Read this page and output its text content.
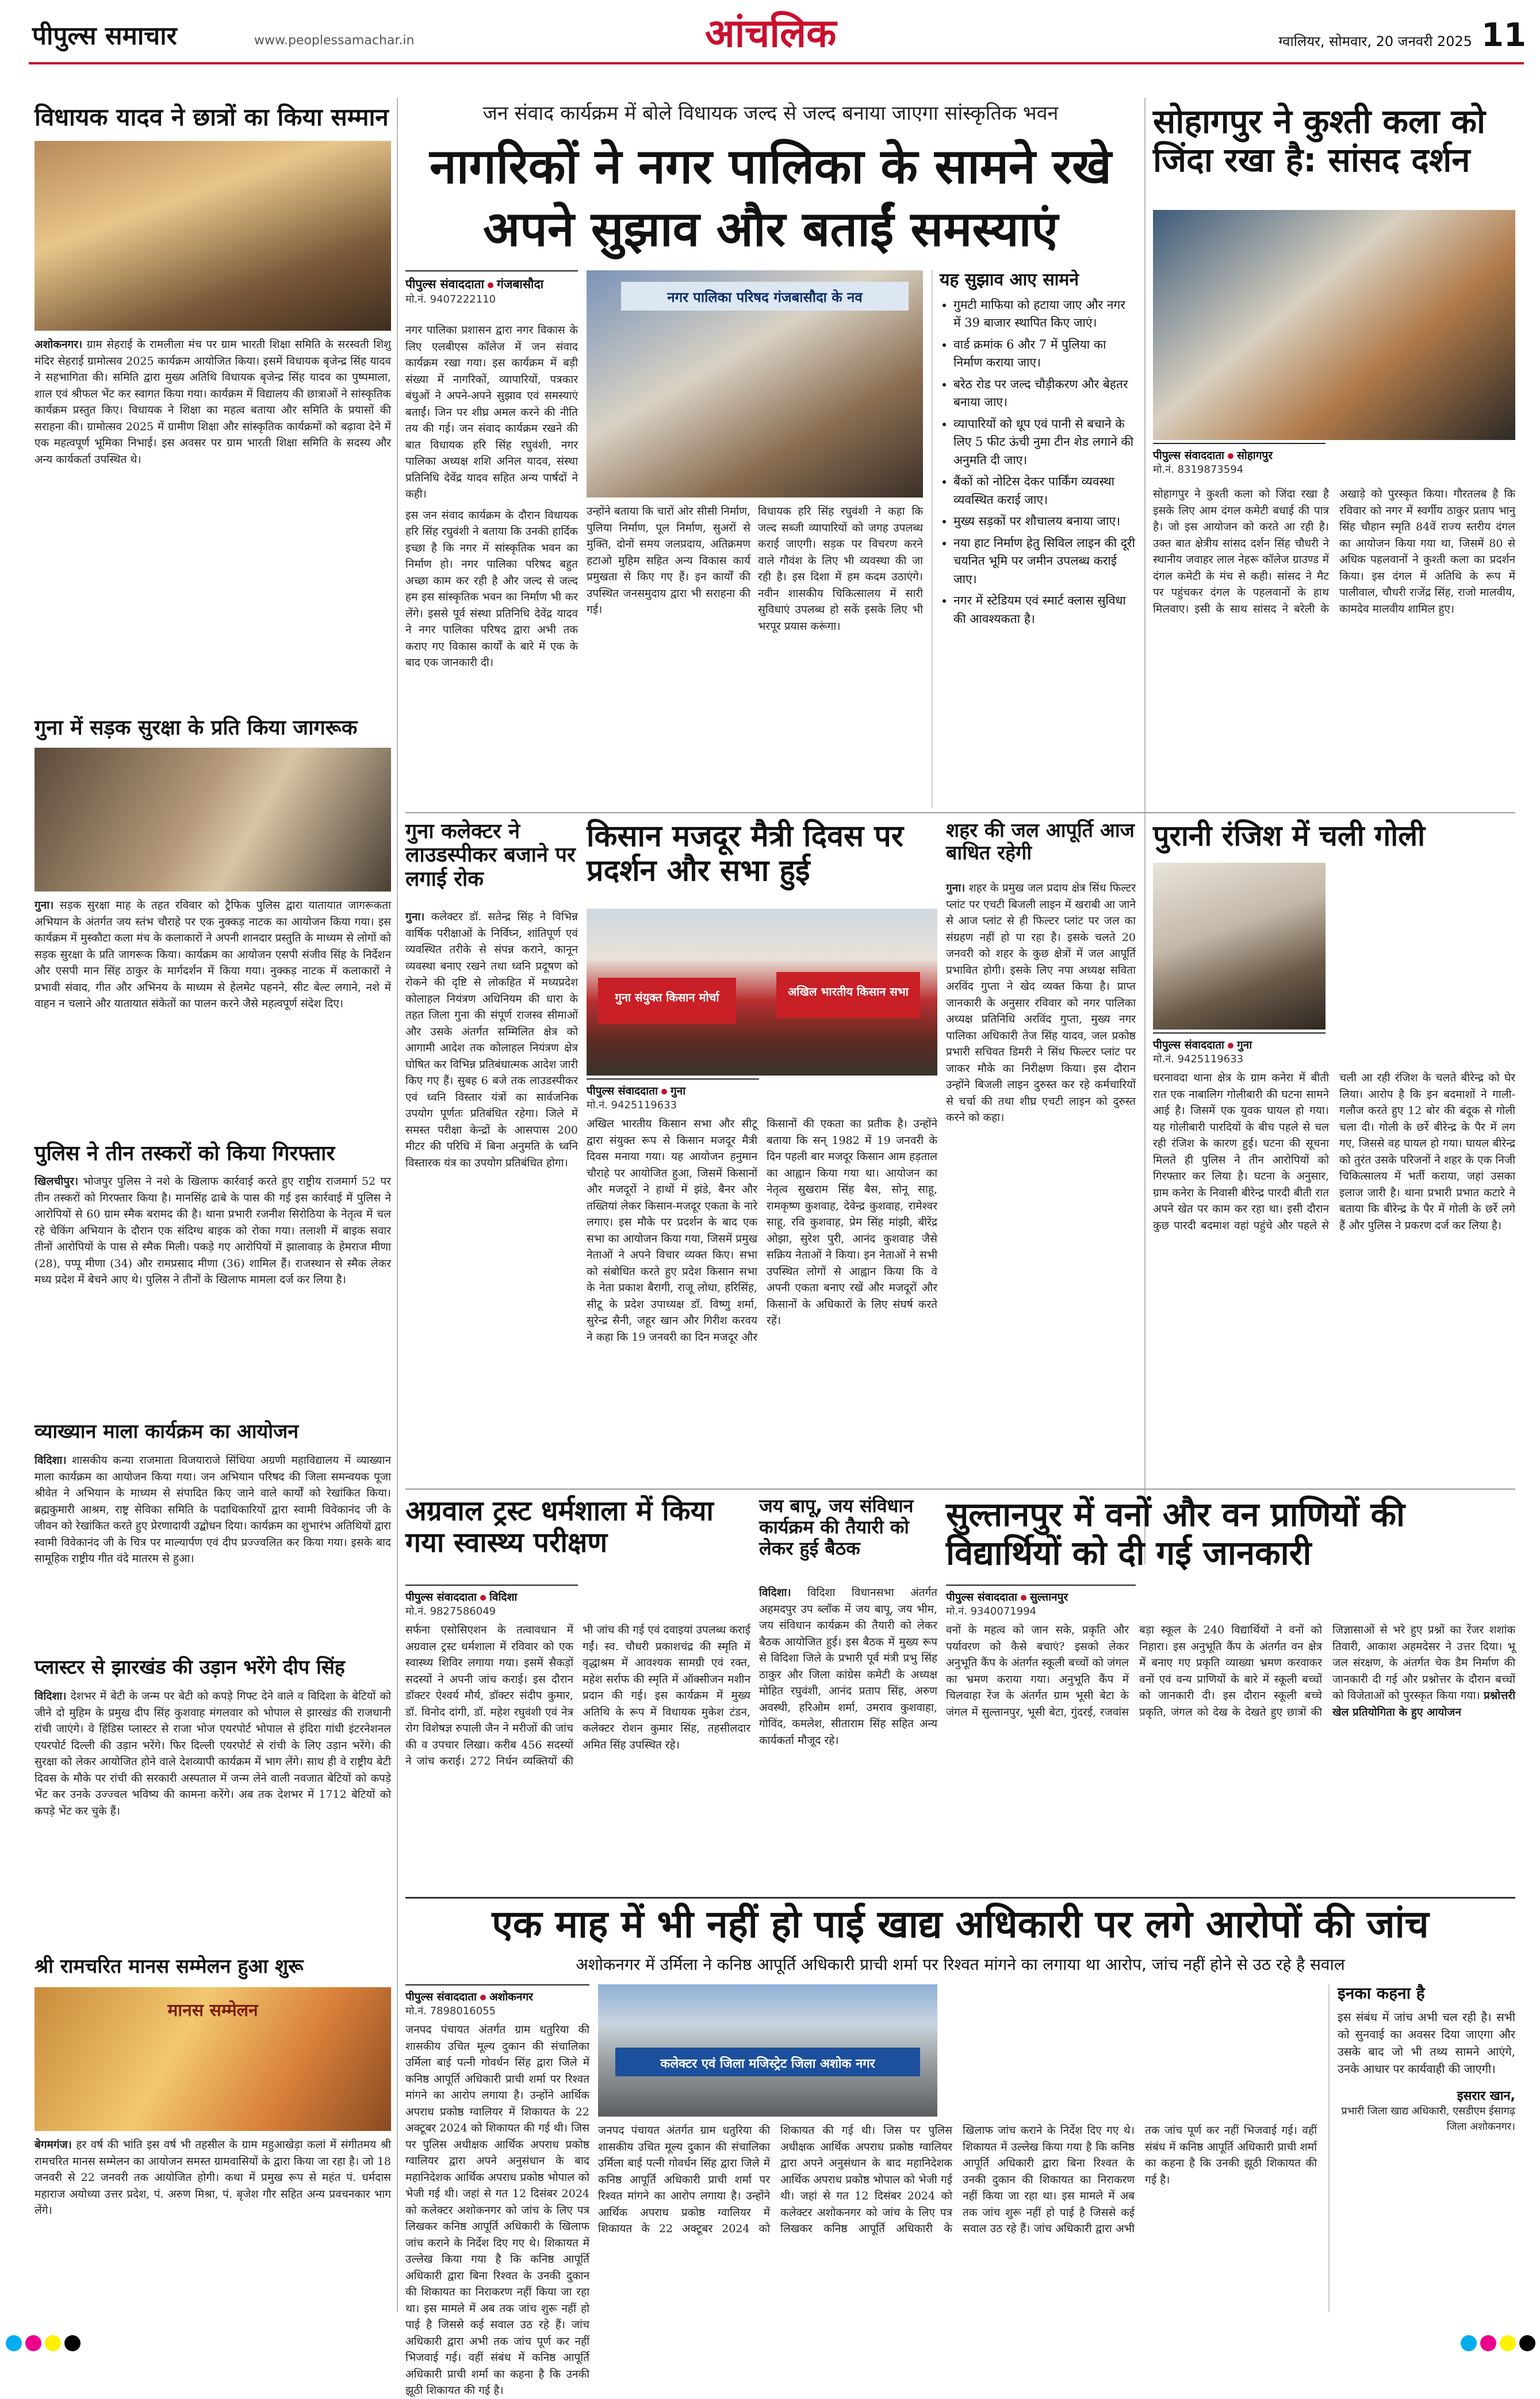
पीपुल्स समाचार	www.peoplessamachar.in	आंचलिक	ग्वालियर, सोमवार, 20 जनवरी 2025 11
विधायक यादव ने छात्रों का किया सम्मान
अशोकनगर। ग्राम सेहराई के रामलीला मंच पर ग्राम भारती शिक्षा समिति के सरस्वती शिशु मंदिर सेहराई ग्रामोत्सव 2025 कार्यक्रम आयोजित किया। इसमें विधायक बृजेन्द्र सिंह यादव ने सहभागिता की। समिति द्वारा मुख्य अतिथि विधायक बृजेन्द्र सिंह यादव का पुष्पमाला, शाल एवं श्रीफल भेंट कर स्वागत किया गया। कार्यक्रम में विद्यालय की छात्राओं ने सांस्कृतिक कार्यक्रम प्रस्तुत किए। विधायक ने शिक्षा का महत्व बताया और समिति के प्रयासों की सराहना की। ग्रामोत्सव 2025 में ग्रामीण शिक्षा और सांस्कृतिक कार्यक्रमों को बढ़ावा देने में एक महत्वपूर्ण भूमिका निभाई। इस अवसर पर ग्राम भारती शिक्षा समिति के सदस्य और अन्य कार्यकर्ता उपस्थित थे।
गुना में सड़क सुरक्षा के प्रति किया जागरूक
गुना। सड़क सुरक्षा माह के तहत रविवार को ट्रैफिक पुलिस द्वारा यातायात जागरूकता अभियान के अंतर्गत जय स्तंभ चौराहे पर एक नुक्कड़ नाटक का आयोजन किया गया। इस कार्यक्रम में मुस्कौटा कला मंच के कलाकारों ने अपनी शानदार प्रस्तुति के माध्यम से लोगों को सड़क सुरक्षा के प्रति जागरूक किया। कार्यक्रम का आयोजन एसपी संजीव सिंह के निर्देशन और एसपी मान सिंह ठाकुर के मार्गदर्शन में किया गया। नुक्कड़ नाटक में कलाकारों ने प्रभावी संवाद, गीत और अभिनय के माध्यम से हेलमेट पहनने, सीट बेल्ट लगाने, नशे में वाहन न चलाने और यातायात संकेतों का पालन करने जैसे महत्वपूर्ण संदेश दिए।
पुलिस ने तीन तस्करों को किया गिरफ्तार
खिलचीपुर। भोजपुर पुलिस ने नशे के खिलाफ कार्रवाई करते हुए राष्ट्रीय राजमार्ग 52 पर तीन तस्करों को गिरफ्तार किया है। मानसिंह ढाबे के पास की गई इस कार्रवाई में पुलिस ने आरोपियों से 60 ग्राम स्मैक बरामद की है। थाना प्रभारी रजनीश सिरोठिया के नेतृत्व में चल रहे चेकिंग अभियान के दौरान एक संदिग्ध बाइक को रोका गया। तलाशी में बाइक सवार तीनों आरोपियों के पास से स्मैक मिली। पकड़े गए आरोपियों में झालावाड़ के हेमराज मीणा (28), पप्पू मीणा (34) और रामप्रसाद मीणा (36) शामिल हैं। राजस्थान से स्मैक लेकर मध्य प्रदेश में बेचने आए थे। पुलिस ने तीनों के खिलाफ मामला दर्ज कर लिया है।
व्याख्यान माला कार्यक्रम का आयोजन
विदिशा। शासकीय कन्या राजमाता विजयाराजे सिंधिया अग्रणी महाविद्यालय में व्याख्यान माला कार्यक्रम का आयोजन किया गया। जन अभियान परिषद की जिला समन्वयक पूजा श्रीवेत ने अभियान के माध्यम से संपादित किए जाने वाले कार्यों को रेखांकित किया। ब्रह्मकुमारी आश्रम, राष्ट्र सेविका समिति के पदाधिकारियों द्वारा स्वामी विवेकानंद जी के जीवन को रेखांकित करते हुए प्रेरणादायी उद्बोधन दिया। कार्यक्रम का शुभारंभ अतिथियों द्वारा स्वामी विवेकानंद जी के चित्र पर माल्यार्पण एवं दीप प्रज्ज्वलित कर किया गया। इसके बाद सामूहिक राष्ट्रीय गीत वंदे मातरम से हुआ।
प्लास्टर से झारखंड की उड़ान भरेंगे दीप सिंह
विदिशा। देशभर में बेटी के जन्म पर बेटी को कपड़े गिफ्ट देने वाले व विदिशा के बेटियों को जीने दो मुहिम के प्रमुख दीप सिंह कुशवाह मंगलवार को भोपाल से झारखंड की राजधानी रांची जाएंगे। वे हिंडिस प्लास्टर से राजा भोज एयरपोर्ट भोपाल से इंदिरा गांधी इंटरनेशनल एयरपोर्ट दिल्ली की उड़ान भरेंगे। फिर दिल्ली एयरपोर्ट से रांची के लिए उड़ान भरेंगे। की सुरक्षा को लेकर आयोजित होने वाले देशव्यापी कार्यक्रम में भाग लेंगे। साथ ही वे राष्ट्रीय बेटी दिवस के मौके पर रांची की सरकारी अस्पताल में जन्म लेने वाली नवजात बेटियों को कपड़े भेंट कर उनके उज्ज्वल भविष्य की कामना करेंगे। अब तक देशभर में 1712 बेटियों को कपड़े भेंट कर चुके हैं।
श्री रामचरित मानस सम्मेलन हुआ शुरू
मानस सम्मेलन
बेगमगंज। हर वर्ष की भांति इस वर्ष भी तहसील के ग्राम महुआखेड़ा कलां में संगीतमय श्री रामचरित मानस सम्मेलन का आयोजन समस्त ग्रामवासियों के द्वारा किया जा रहा है। जो 18 जनवरी से 22 जनवरी तक आयोजित होगी। कथा में प्रमुख रूप से महंत पं. धर्मदास महाराज अयोध्या उत्तर प्रदेश, पं. अरुण मिश्रा, पं. बृजेश गौर सहित अन्य प्रवचनकार भाग लेंगे।
जन संवाद कार्यक्रम में बोले विधायक जल्द से जल्द बनाया जाएगा सांस्कृतिक भवन
नागरिकों ने नगर पालिका के सामने रखे अपने सुझाव और बताईं समस्याएं
पीपुल्स संवाददाता गंजबासौदा
मो.नं. 9407222110	नगर पालिका परिषद गंजबासौदा के नव

नगर पालिका प्रशासन द्वारा नगर विकास के लिए एलबीएस कॉलेज में जन संवाद कार्यक्रम रखा गया। इस कार्यक्रम में बड़ी संख्या में नागरिकों, व्यापारियों, पत्रकार बंधुओं ने अपने-अपने सुझाव एवं समस्याएं बताईं। जिन पर शीघ्र अमल करने की नीति तय की गई। जन संवाद कार्यक्रम रखने की बात विधायक हरि सिंह रघुवंशी, नगर पालिका अध्यक्ष शशि अनिल यादव, संस्था प्रतिनिधि देवेंद्र यादव सहित अन्य पार्षदों ने कही।

इस जन संवाद कार्यक्रम के दौरान विधायक हरि सिंह रघुवंशी ने बताया कि उनकी हार्दिक इच्छा है कि नगर में सांस्कृतिक भवन का निर्माण हो। नगर पालिका परिषद बहुत अच्छा काम कर रही है और जल्द से जल्द हम इस सांस्कृतिक भवन का निर्माण भी कर लेंगे। इससे पूर्व संस्था प्रतिनिधि देवेंद्र यादव ने नगर पालिका परिषद द्वारा अभी तक कराए गए विकास कार्यों के बारे में एक के बाद एक जानकारी दी।

उन्होंने बताया कि चारों ओर सीसी निर्माण, पुलिया निर्माण, पूल निर्माण, सुअरों से मुक्ति, दोनों समय जलप्रदाय, अतिक्रमण हटाओ मुहिम सहित अन्य विकास कार्य प्रमुखता से किए गए हैं। इन कार्यों की उपस्थित जनसमुदाय द्वारा भी सराहना की गई।

विधायक हरि सिंह रघुवंशी ने कहा कि जल्द सब्जी व्यापारियों को जगह उपलब्ध कराई जाएगी। सड़क पर विचरण करने वाले गौवंश के लिए भी व्यवस्था की जा रही है। इस दिशा में हम कदम उठाएंगे। नवीन शासकीय चिकित्सालय में सारी सुविधाएं उपलब्ध हो सकें इसके लिए भी भरपूर प्रयास करूंगा।

यह सुझाव आए सामने
• गुमटी माफिया को हटाया जाए और नगर में 39 बाजार स्थापित किए जाएं।
• वार्ड क्रमांक 6 और 7 में पुलिया का निर्माण कराया जाए।
• बरेठ रोड पर जल्द चौड़ीकरण और बेहतर बनाया जाए।
• व्यापारियों को धूप एवं पानी से बचाने के लिए 5 फीट ऊंची नुमा टीन शेड लगाने की अनुमति दी जाए।
• बैंकों को नोटिस देकर पार्किंग व्यवस्था व्यवस्थित कराई जाए।
• मुख्य सड़कों पर शौचालय बनाया जाए।
• नया हाट निर्माण हेतु सिविल लाइन की दूरी चयनित भूमि पर जमीन उपलब्ध कराई जाए।
• नगर में स्टेडियम एवं स्मार्ट क्लास सुविधा की आवश्यकता है।
सोहागपुर ने कुश्ती कला को जिंदा रखा है: सांसद दर्शन
पीपुल्स संवाददाता सोहागपुर
मो.नं. 8319873594
सोहागपुर ने कुश्ती कला को जिंदा रखा है इसके लिए आम दंगल कमेटी बधाई की पात्र है। जो इस आयोजन को करते आ रही है। उक्त बात क्षेत्रीय सांसद दर्शन सिंह चौधरी ने स्थानीय जवाहर लाल नेहरू कॉलेज ग्राउण्ड में दंगल कमेटी के मंच से कही। सांसद ने मैट पर पहुंचकर दंगल के पहलवानों के हाथ मिलवाए। इसी के साथ सांसद ने बरेली के अखाड़े को पुरस्कृत किया। गौरतलब है कि रविवार को नगर में स्वर्गीय ठाकुर प्रताप भानु सिंह चौहान स्मृति 84वें राज्य स्तरीय दंगल का आयोजन किया गया था, जिसमें 80 से अधिक पहलवानों ने कुश्ती कला का प्रदर्शन किया। इस दंगल में अतिथि के रूप में पालीवाल, चौधरी राजेंद्र सिंह, राजो मालवीय, कामदेव मालवीय शामिल हुए।
गुना कलेक्टर ने लाउडस्पीकर बजाने पर लगाई रोक
गुना। कलेक्टर डॉ. सतेन्द्र सिंह ने विभिन्न वार्षिक परीक्षाओं के निर्विघ्न, शांतिपूर्ण एवं व्यवस्थित तरीके से संपन्न कराने, कानून व्यवस्था बनाए रखने तथा ध्वनि प्रदूषण को रोकने की दृष्टि से लोकहित में मध्यप्रदेश कोलाहल नियंत्रण अधिनियम की धारा के तहत जिला गुना की संपूर्ण राजस्व सीमाओं और उसके अंतर्गत सम्मिलित क्षेत्र को आगामी आदेश तक कोलाहल नियंत्रण क्षेत्र घोषित कर विभिन्न प्रतिबंधात्मक आदेश जारी किए गए हैं। सुबह 6 बजे तक लाउडस्पीकर एवं ध्वनि विस्तार यंत्रों का सार्वजनिक उपयोग पूर्णतः प्रतिबंधित रहेगा। जिले में समस्त परीक्षा केन्द्रों के आसपास 200 मीटर की परिधि में बिना अनुमति के ध्वनि विस्तारक यंत्र का उपयोग प्रतिबंधित होगा।
किसान मजदूर मैत्री दिवस पर प्रदर्शन और सभा हुई
गुना संयुक्त किसान मोर्चा	अखिल भारतीय किसान सभा
पीपुल्स संवाददाता गुना
मो.नं. 9425119633
अखिल भारतीय किसान सभा और सीटू द्वारा संयुक्त रूप से किसान मजदूर मैत्री दिवस मनाया गया। यह आयोजन हनुमान चौराहे पर आयोजित हुआ, जिसमें किसानों और मजदूरों ने हाथों में झंडे, बैनर और तख्तियां लेकर किसान-मजदूर एकता के नारे लगाए। इस मौके पर प्रदर्शन के बाद एक सभा का आयोजन किया गया, जिसमें प्रमुख नेताओं ने अपने विचार व्यक्त किए। सभा को संबोधित करते हुए प्रदेश किसान सभा के नेता प्रकाश बैरागी, राजू लोधा, हरिसिंह, सीटू के प्रदेश उपाध्यक्ष डॉ. विष्णु शर्मा, सुरेन्द्र सैनी, जहूर खान और गिरीश करवय ने कहा कि 19 जनवरी का दिन मजदूर और किसानों की एकता का प्रतीक है। उन्होंने बताया कि सन् 1982 में 19 जनवरी के दिन पहली बार मजदूर किसान आम हड़ताल का आह्वान किया गया था। आयोजन का नेतृत्व सुखराम सिंह बैस, सोनू साहू, रामकृष्ण कुशवाह, देवेन्द्र कुशवाह, रामेश्वर साहू, रवि कुशवाह, प्रेम सिंह मांझी, बीरेंद्र ओझा, सुरेश पुरी, आनंद कुशवाह जैसे सक्रिय नेताओं ने किया। इन नेताओं ने सभी उपस्थित लोगों से आह्वान किया कि वे अपनी एकता बनाए रखें और मजदूरों और किसानों के अधिकारों के लिए संघर्ष करते रहें।
शहर की जल आपूर्ति आज बाधित रहेगी
गुना। शहर के प्रमुख जल प्रदाय क्षेत्र सिंध फिल्टर प्लांट पर एचटी बिजली लाइन में खराबी आ जाने से आज प्लांट से ही फिल्टर प्लांट पर जल का संग्रहण नहीं हो पा रहा है। इसके चलते 20 जनवरी को शहर के कुछ क्षेत्रों में जल आपूर्ति प्रभावित होगी। इसके लिए नपा अध्यक्ष सविता अरविंद गुप्ता ने खेद व्यक्त किया है। प्राप्त जानकारी के अनुसार रविवार को नगर पालिका अध्यक्ष प्रतिनिधि अरविंद गुप्ता, मुख्य नगर पालिका अधिकारी तेज सिंह यादव, जल प्रकोष्ठ प्रभारी सचिवत डिमरी ने सिंध फिल्टर प्लांट पर जाकर मौके का निरीक्षण किया। इस दौरान उन्होंने बिजली लाइन दुरुस्त कर रहे कर्मचारियों से चर्चा की तथा शीघ्र एचटी लाइन को दुरुस्त करने को कहा।
पुरानी रंजिश में चली गोली
पीपुल्स संवाददाता गुना
मो.नं. 9425119633
धरनावदा थाना क्षेत्र के ग्राम कनेरा में बीती रात एक नाबालिग गोलीबारी की घटना सामने आई है। जिसमें एक युवक घायल हो गया। यह गोलीबारी पारदियों के बीच पहले से चल रही रंजिश के कारण हुई। घटना की सूचना मिलते ही पुलिस ने तीन आरोपियों को गिरफ्तार कर लिया है। घटना के अनुसार, ग्राम कनेरा के निवासी बीरेन्द्र पारदी बीती रात अपने खेत पर काम कर रहा था। इसी दौरान कुछ पारदी बदमाश वहां पहुंचे और पहले से चली आ रही रंजिश के चलते बीरेन्द्र को घेर लिया। आरोप है कि इन बदमाशों ने गाली-गलौज करते हुए 12 बोर की बंदूक से गोली चला दी। गोली के छर्रे बीरेन्द्र के पैर में लग गए, जिससे वह घायल हो गया। घायल बीरेन्द्र को तुरंत उसके परिजनों ने शहर के एक निजी चिकित्सालय में भर्ती कराया, जहां उसका इलाज जारी है। थाना प्रभारी प्रभात कटारे ने बताया कि बीरेन्द्र के पैर में गोली के छर्रे लगे हैं और पुलिस ने प्रकरण दर्ज कर लिया है।
अग्रवाल ट्रस्ट धर्मशाला में किया गया स्वास्थ्य परीक्षण
पीपुल्स संवाददाता विदिशा
मो.नं. 9827586049
सर्फना एसोसिएशन के तत्वावधान में अग्रवाल ट्रस्ट धर्मशाला में रविवार को एक स्वास्थ्य शिविर लगाया गया। इसमें सैकड़ों सदस्यों ने अपनी जांच कराई। इस दौरान डॉक्टर ऐश्वर्य मौर्य, डॉक्टर संदीप कुमार, डॉ. विनोद दांगी, डॉ. महेश रघुवंशी एवं नेत्र रोग विशेषज्ञ रुपाली जैन ने मरीजों की जांच की व उपचार लिखा। करीब 456 सदस्यों ने जांच कराई। 272 निर्धन व्यक्तियों की भी जांच की गई एवं दवाइयां उपलब्ध कराई गईं। स्व. चौधरी प्रकाशचंद्र की स्मृति में वृद्धाश्रम में आवश्यक सामग्री एवं रक्त, महेश सर्राफ की स्मृति में ऑक्सीजन मशीन प्रदान की गई। इस कार्यक्रम में मुख्य अतिथि के रूप में विधायक मुकेश टंडन, कलेक्टर रोशन कुमार सिंह, तहसीलदार अमित सिंह उपस्थित रहे।
जय बापू, जय संविधान कार्यक्रम की तैयारी को लेकर हुई बैठक
विदिशा। विदिशा विधानसभा अंतर्गत अहमदपुर उप ब्लॉक में जय बापू, जय भीम, जय संविधान कार्यक्रम की तैयारी को लेकर बैठक आयोजित हुई। इस बैठक में मुख्य रूप से विदिशा जिले के प्रभारी पूर्व मंत्री प्रभु सिंह ठाकुर और जिला कांग्रेस कमेटी के अध्यक्ष मोहित रघुवंशी, आनंद प्रताप सिंह, अरुण अवस्थी, हरिओम शर्मा, उमराव कुशवाहा, गोविंद, कमलेश, सीताराम सिंह सहित अन्य कार्यकर्ता मौजूद रहे।
सुल्तानपुर में वनों और वन प्राणियों की विद्यार्थियों को दी गई जानकारी
पीपुल्स संवाददाता सुल्तानपुर
मो.नं. 9340071994
वनों के महत्व को जान सके, प्रकृति और पर्यावरण को कैसे बचाएं? इसको लेकर अनुभूति कैंप के अंतर्गत स्कूली बच्चों को जंगल का भ्रमण कराया गया। अनुभूति कैंप में चिलवाहा रेंज के अंतर्गत ग्राम भूसी बेटा के जंगल में सुल्तानपुर, भूसी बेटा, गुंदरई, रजवांस बड़ा स्कूल के 240 विद्यार्थियों ने वनों को निहारा। इस अनुभूति कैंप के अंतर्गत वन क्षेत्र में बनाए गए प्रकृति व्याख्या भ्रमण करवाकर वनों एवं वन्य प्राणियों के बारे में स्कूली बच्चों को जानकारी दी। इस दौरान स्कूली बच्चे प्रकृति, जंगल को देख के देखते हुए छात्रों की जिज्ञासाओं से भरे हुए प्रश्नों का रेंजर शशांक तिवारी, आकाश अहमदेसर ने उत्तर दिया। भू जल संरक्षण, के अंतर्गत चेक डैम निर्माण की जानकारी दी गई और प्रश्नोत्तर के दौरान बच्चों को विजेताओं को पुरस्कृत किया गया। प्रश्नोत्तरी खेल प्रतियोगिता के हुए आयोजन
एक माह में भी नहीं हो पाई खाद्य अधिकारी पर लगे आरोपों की जांच
अशोकनगर में उर्मिला ने कनिष्ठ आपूर्ति अधिकारी प्राची शर्मा पर रिश्वत मांगने का लगाया था आरोप, जांच नहीं होने से उठ रहे है सवाल
पीपुल्स संवाददाता अशोकनगर
मो.नं. 7898016055
कलेक्टर एवं जिला मजिस्ट्रेट जिला अशोक नगर
जनपद पंचायत अंतर्गत ग्राम धतुरिया की शासकीय उचित मूल्य दुकान की संचालिका उर्मिला बाई पत्नी गोवर्धन सिंह द्वारा जिले में कनिष्ठ आपूर्ति अधिकारी प्राची शर्मा पर रिश्वत मांगने का आरोप लगाया है। उन्होंने आर्थिक अपराध प्रकोष्ठ ग्वालियर में शिकायत के 22 अक्टूबर 2024 को शिकायत की गई थी। जिस पर पुलिस अधीक्षक आर्थिक अपराध प्रकोष्ठ ग्वालियर द्वारा अपने अनुसंधान के बाद महानिदेशक आर्थिक अपराध प्रकोष्ठ भोपाल को भेजी गई थी। जहां से गत 12 दिसंबर 2024 को कलेक्टर अशोकनगर को जांच के लिए पत्र लिखकर कनिष्ठ आपूर्ति अधिकारी के खिलाफ जांच कराने के निर्देश दिए गए थे। शिकायत में उल्लेख किया गया है कि कनिष्ठ आपूर्ति अधिकारी द्वारा बिना रिश्वत के उनकी दुकान की शिकायत का निराकरण नहीं किया जा रहा था। इस मामले में अब तक जांच शुरू नहीं हो पाई है जिससे कई सवाल उठ रहे हैं। जांच अधिकारी द्वारा अभी तक जांच पूर्ण कर नहीं भिजवाई गई। वहीं संबंध में कनिष्ठ आपूर्ति अधिकारी प्राची शर्मा का कहना है कि उनकी झूठी शिकायत की गई है।
जनपद पंचायत अंतर्गत ग्राम धतुरिया की शासकीय उचित मूल्य दुकान की संचालिका उर्मिला बाई पत्नी गोवर्धन सिंह द्वारा जिले में कनिष्ठ आपूर्ति अधिकारी प्राची शर्मा पर रिश्वत मांगने का आरोप लगाया है। उन्होंने आर्थिक अपराध प्रकोष्ठ ग्वालियर में शिकायत के 22 अक्टूबर 2024 को शिकायत की गई थी। जिस पर पुलिस अधीक्षक आर्थिक अपराध प्रकोष्ठ ग्वालियर द्वारा अपने अनुसंधान के बाद महानिदेशक आर्थिक अपराध प्रकोष्ठ भोपाल को भेजी गई थी। जहां से गत 12 दिसंबर 2024 को कलेक्टर अशोकनगर को जांच के लिए पत्र लिखकर कनिष्ठ आपूर्ति अधिकारी के खिलाफ जांच कराने के निर्देश दिए गए थे। शिकायत में उल्लेख किया गया है कि कनिष्ठ आपूर्ति अधिकारी द्वारा बिना रिश्वत के उनकी दुकान की शिकायत का निराकरण नहीं किया जा रहा था। इस मामले में अब तक जांच शुरू नहीं हो पाई है जिससे कई सवाल उठ रहे हैं। जांच अधिकारी द्वारा अभी तक जांच पूर्ण कर नहीं भिजवाई गई। वहीं संबंध में कनिष्ठ आपूर्ति अधिकारी प्राची शर्मा का कहना है कि उनकी झूठी शिकायत की गई है।
इनका कहना है
इस संबंध में जांच अभी चल रही है। सभी को सुनवाई का अवसर दिया जाएगा और उसके बाद जो भी तथ्य सामने आएंगे, उनके आधार पर कार्यवाही की जाएगी।
इसरार खान,
प्रभारी जिला खाद्य अधिकारी, एसडीएम ईसागढ़ जिला अशोकनगर।
